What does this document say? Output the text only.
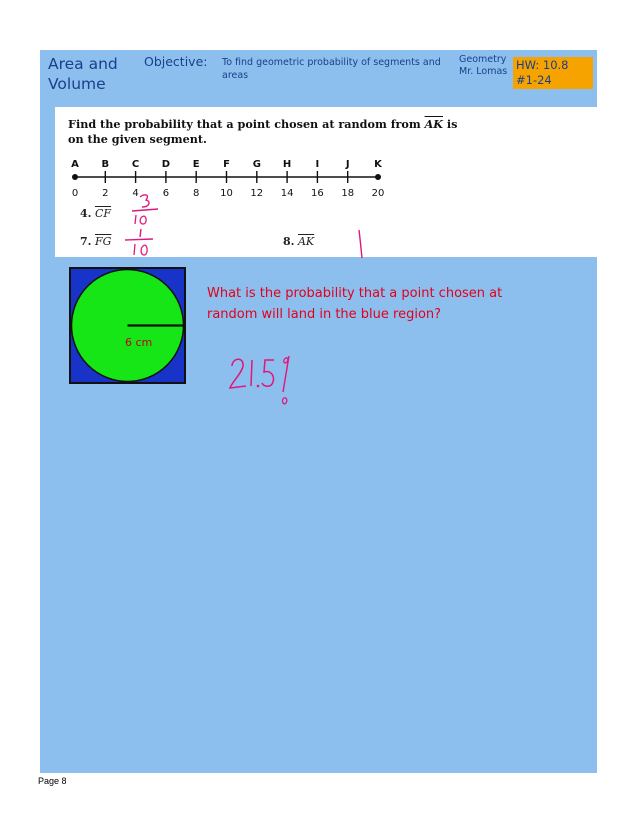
Area and Volume
Objective: To find geometric probability of segments and areas
Geometry
Mr. Lomas HW: 10.8 #1-24
Find the probability that a point chosen at random from $\overline{AK}$ is on the given segment.
A
0
B
2
C
4
D
6
E
8
F
10
G
12
H
14
I
16
J
18
K
20
4. $\overline{CF}$
7. $\overline{FG}$	8. $\overline{AK}$
6 cm
What is the probability that a point chosen at random will land in the blue region?
Page 8
